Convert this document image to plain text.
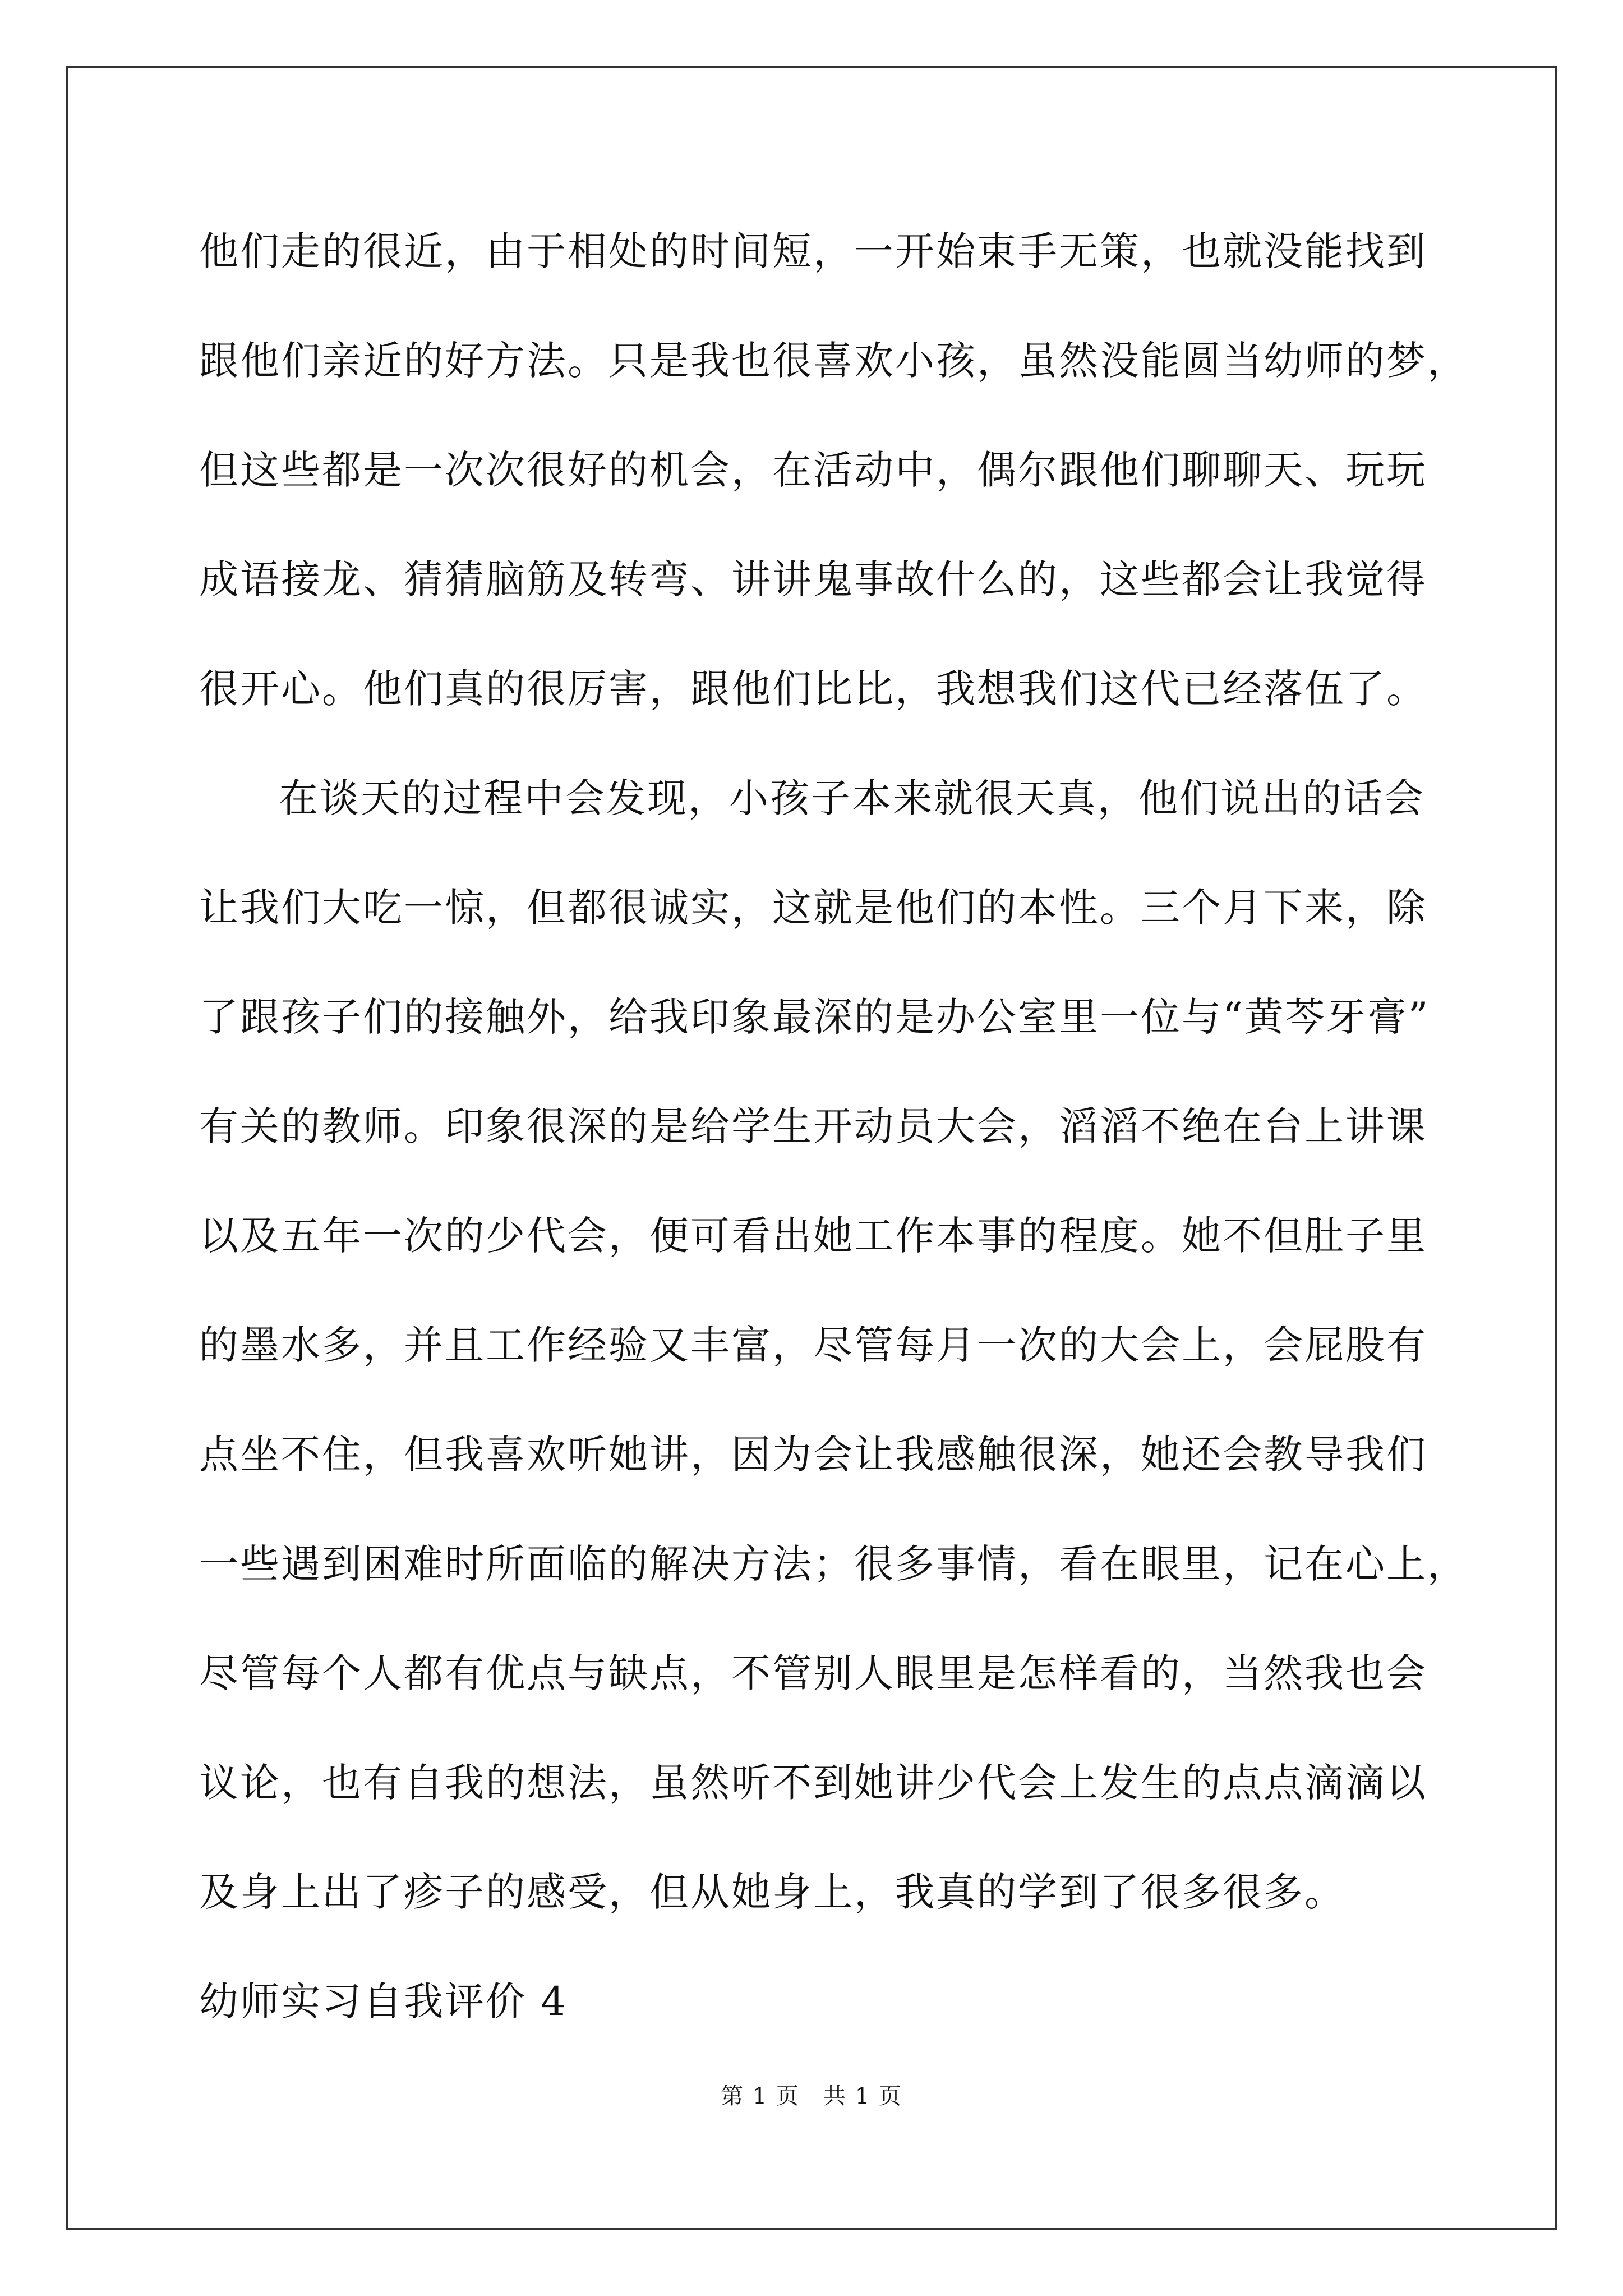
他们走的很近，由于相处的时间短，一开始束手无策，也就没能找到
跟他们亲近的好方法。只是我也很喜欢小孩，虽然没能圆当幼师的梦，
但这些都是一次次很好的机会，在活动中，偶尔跟他们聊聊天、玩玩
成语接龙、猜猜脑筋及转弯、讲讲鬼事故什么的，这些都会让我觉得
很开心。他们真的很厉害，跟他们比比，我想我们这代已经落伍了。
在谈天的过程中会发现，小孩子本来就很天真，他们说出的话会
让我们大吃一惊，但都很诚实，这就是他们的本性。三个月下来，除
了跟孩子们的接触外，给我印象最深的是办公室里一位与“黄芩牙膏”
有关的教师。印象很深的是给学生开动员大会，滔滔不绝在台上讲课
以及五年一次的少代会，便可看出她工作本事的程度。她不但肚子里
的墨水多，并且工作经验又丰富，尽管每月一次的大会上，会屁股有
点坐不住，但我喜欢听她讲，因为会让我感触很深，她还会教导我们
一些遇到困难时所面临的解决方法；很多事情，看在眼里，记在心上，
尽管每个人都有优点与缺点，不管别人眼里是怎样看的，当然我也会
议论，也有自我的想法，虽然听不到她讲少代会上发生的点点滴滴以
及身上出了疹子的感受，但从她身上，我真的学到了很多很多。
幼师实习自我评价 4
第 1 页　共 1 页
